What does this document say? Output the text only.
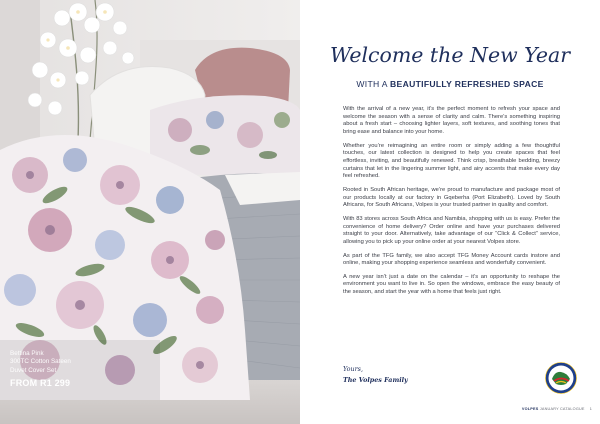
Bettina Pink
300TC Cotton Sateen
Duvet Cover Set
FROM R1 299
Welcome the New Year
WITH A BEAUTIFULLY REFRESHED SPACE

With the arrival of a new year, it’s the perfect moment to refresh your space and welcome the season with a sense of clarity and calm. There’s something inspiring about a fresh start – choosing lighter layers, soft textures, and soothing tones that bring ease and balance into your home.

Whether you’re reimagining an entire room or simply adding a few thoughtful touches, our latest collection is designed to help you create spaces that feel effortless, inviting, and beautifully renewed. Think crisp, breathable bedding, breezy curtains that let in the lingering summer light, and airy accents that make every day feel refreshed.

Rooted in South African heritage, we’re proud to manufacture and package most of our products locally at our factory in Gqeberha (Port Elizabeth). Loved by South Africans, for South Africans, Volpes is your trusted partner in quality and comfort.

With 83 stores across South Africa and Namibia, shopping with us is easy. Prefer the convenience of home delivery? Order online and have your purchases delivered straight to your door. Alternatively, take advantage of our “Click & Collect” service, allowing you to pick up your online order at your nearest Volpes store.

As part of the TFG family, we also accept TFG Money Account cards instore and online, making your shopping experience seamless and wonderfully convenient.

A new year isn’t just a date on the calendar – it’s an opportunity to reshape the environment you want to live in. So open the windows, embrace the easy beauty of the season, and start the year with a home that feels just right.

Yours,
The Volpes Family
VOLPES JANUARY CATALOGUE 1
